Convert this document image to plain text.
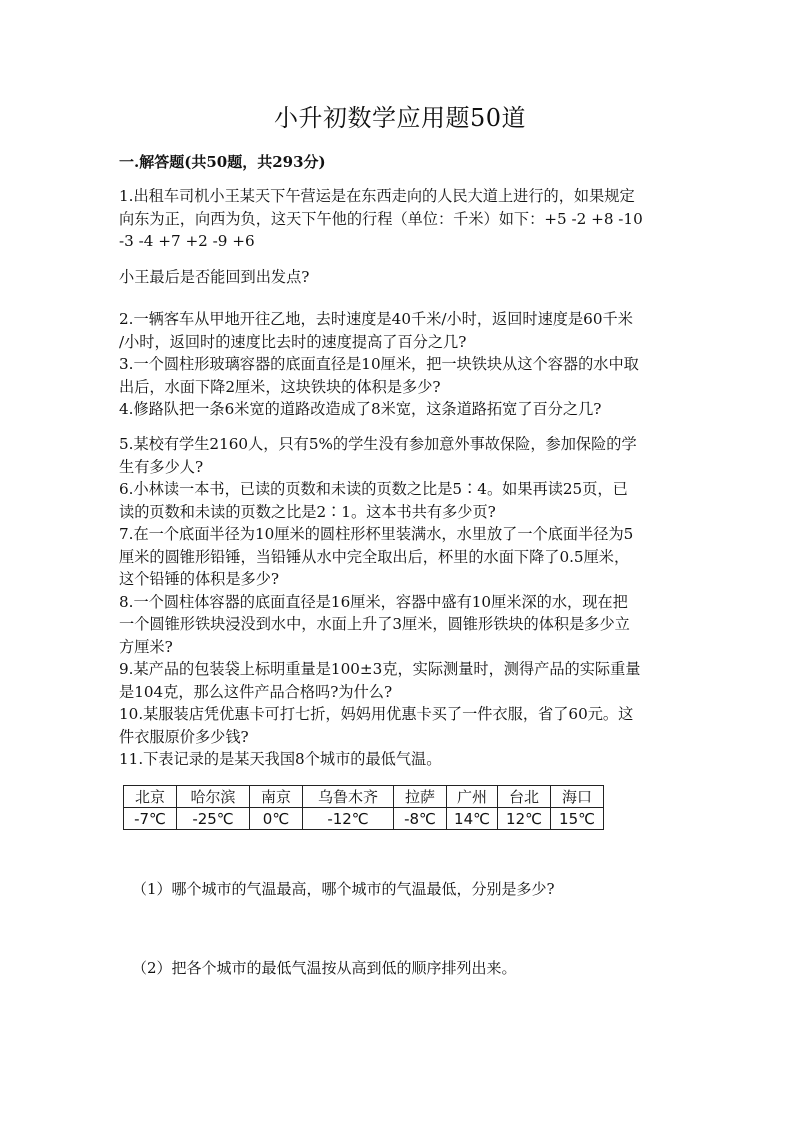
小升初数学应用题50道
一.解答题(共50题，共293分)
1.出租车司机小王某天下午营运是在东西走向的人民大道上进行的，如果规定
向东为正，向西为负，这天下午他的行程（单位：千米）如下：+5 -2 +8 -10
-3 -4 +7 +2 -9 +6
小王最后是否能回到出发点?
2.一辆客车从甲地开往乙地，去时速度是40千米/小时，返回时速度是60千米
/小时，返回时的速度比去时的速度提高了百分之几?
3.一个圆柱形玻璃容器的底面直径是10厘米，把一块铁块从这个容器的水中取
出后，水面下降2厘米，这块铁块的体积是多少?
4.修路队把一条6米宽的道路改造成了8米宽，这条道路拓宽了百分之几?
5.某校有学生2160人，只有5%的学生没有参加意外事故保险，参加保险的学
生有多少人?
6.小林读一本书，已读的页数和未读的页数之比是5∶4。如果再读25页，已
读的页数和未读的页数之比是2∶1。这本书共有多少页?
7.在一个底面半径为10厘米的圆柱形杯里装满水，水里放了一个底面半径为5
厘米的圆锥形铅锤，当铅锤从水中完全取出后，杯里的水面下降了0.5厘米，
这个铅锤的体积是多少?
8.一个圆柱体容器的底面直径是16厘米，容器中盛有10厘米深的水，现在把
一个圆锥形铁块浸没到水中，水面上升了3厘米，圆锥形铁块的体积是多少立
方厘米?
9.某产品的包装袋上标明重量是100±3克，实际测量时，测得产品的实际重量
是104克，那么这件产品合格吗?为什么?
10.某服装店凭优惠卡可打七折，妈妈用优惠卡买了一件衣服，省了60元。这
件衣服原价多少钱?
11.下表记录的是某天我国8个城市的最低气温。
北京	哈尔滨	南京	乌鲁木齐	拉萨	广州	台北	海口
-7℃	-25℃	0℃	-12℃	-8℃	14℃	12℃	15℃
（1）哪个城市的气温最高，哪个城市的气温最低，分别是多少?
（2）把各个城市的最低气温按从高到低的顺序排列出来。
